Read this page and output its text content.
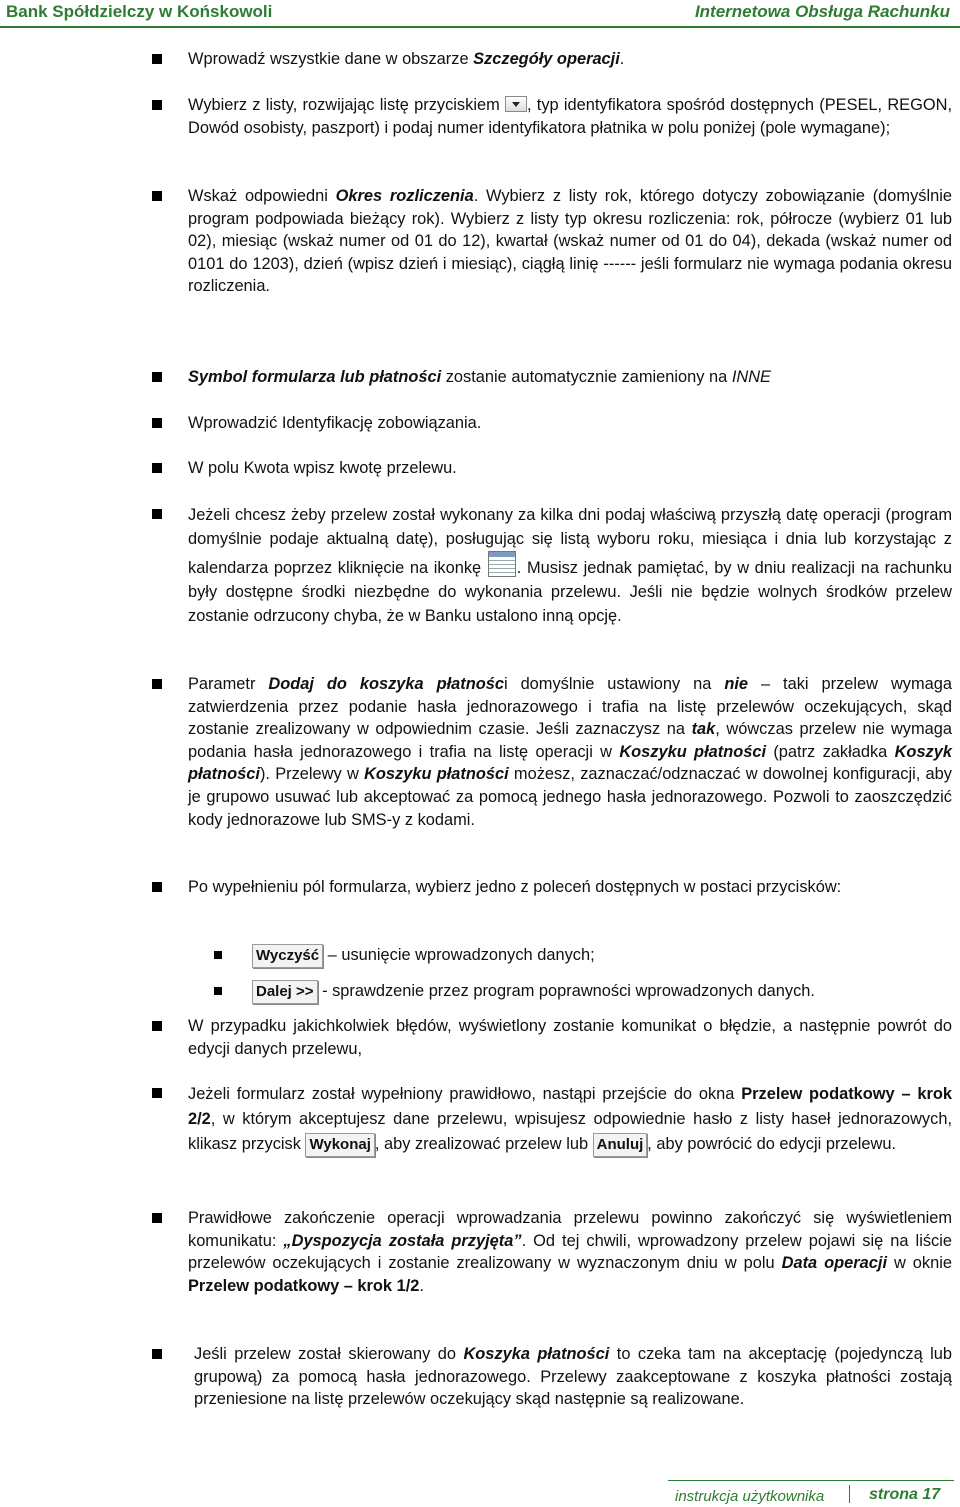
Bank Spółdzielczy w Końskowoli	Internetowa Obsługa Rachunku
Wprowadź wszystkie dane w obszarze Szczegóły operacji.
Wybierz z listy, rozwijając listę przyciskiem , typ identyfikatora spośród dostępnych (PESEL, REGON, Dowód osobisty, paszport) i podaj numer identyfikatora płatnika w polu poniżej (pole wymagane);
Wskaż odpowiedni Okres rozliczenia. Wybierz z listy rok, którego dotyczy zobowiązanie (domyślnie program podpowiada bieżący rok). Wybierz z listy typ okresu rozliczenia: rok, półrocze (wybierz 01 lub 02), miesiąc (wskaż numer od 01 do 12), kwartał (wskaż numer od 01 do 04), dekada (wskaż numer od 0101 do 1203), dzień (wpisz dzień i miesiąc), ciągłą linię ------ jeśli formularz nie wymaga podania okresu rozliczenia.
Symbol formularza lub płatności zostanie automatycznie zamieniony na INNE
Wprowadzić Identyfikację zobowiązania.
W polu Kwota wpisz kwotę przelewu.
Jeżeli chcesz żeby przelew został wykonany za kilka dni podaj właściwą przyszłą datę operacji (program domyślnie podaje aktualną datę), posługując się listą wyboru roku, miesiąca i dnia lub korzystając z kalendarza poprzez kliknięcie na ikonkę . Musisz jednak pamiętać, by w dniu realizacji na rachunku były dostępne środki niezbędne do wykonania przelewu. Jeśli nie będzie wolnych środków przelew zostanie odrzucony chyba, że w Banku ustalono inną opcję.
Parametr Dodaj do koszyka płatności domyślnie ustawiony na nie – taki przelew wymaga zatwierdzenia przez podanie hasła jednorazowego i trafia na listę przelewów oczekujących, skąd zostanie zrealizowany w odpowiednim czasie. Jeśli zaznaczysz na tak, wówczas przelew nie wymaga podania hasła jednorazowego i trafia na listę operacji w Koszyku płatności (patrz zakładka Koszyk płatności). Przelewy w Koszyku płatności możesz, zaznaczać/odznaczać w dowolnej konfiguracji, aby je grupowo usuwać lub akceptować za pomocą jednego hasła jednorazowego. Pozwoli to zaoszczędzić kody jednorazowe lub SMS-y z kodami.
Po wypełnieniu pól formularza, wybierz jedno z poleceń dostępnych w postaci przycisków:
Wyczyść – usunięcie wprowadzonych danych;
Dalej >> - sprawdzenie przez program poprawności wprowadzonych danych.
W przypadku jakichkolwiek błędów, wyświetlony zostanie komunikat o błędzie, a następnie powrót do edycji danych przelewu,
Jeżeli formularz został wypełniony prawidłowo, nastąpi przejście do okna Przelew podatkowy – krok 2/2, w którym akceptujesz dane przelewu, wpisujesz odpowiednie hasło z listy haseł jednorazowych, klikasz przycisk Wykonaj , aby zrealizować przelew lub Anuluj , aby powrócić do edycji przelewu.
Prawidłowe zakończenie operacji wprowadzania przelewu powinno zakończyć się wyświetleniem komunikatu: „Dyspozycja została przyjęta”. Od tej chwili, wprowadzony przelew pojawi się na liście przelewów oczekujących i zostanie zrealizowany w wyznaczonym dniu w polu Data operacji w oknie Przelew podatkowy – krok 1/2.
Jeśli przelew został skierowany do Koszyka płatności to czeka tam na akceptację (pojedynczą lub grupową) za pomocą hasła jednorazowego. Przelewy zaakceptowane z koszyka płatności zostają przeniesione na listę przelewów oczekujący skąd następnie są realizowane.
instrukcja użytkownika	strona 17
